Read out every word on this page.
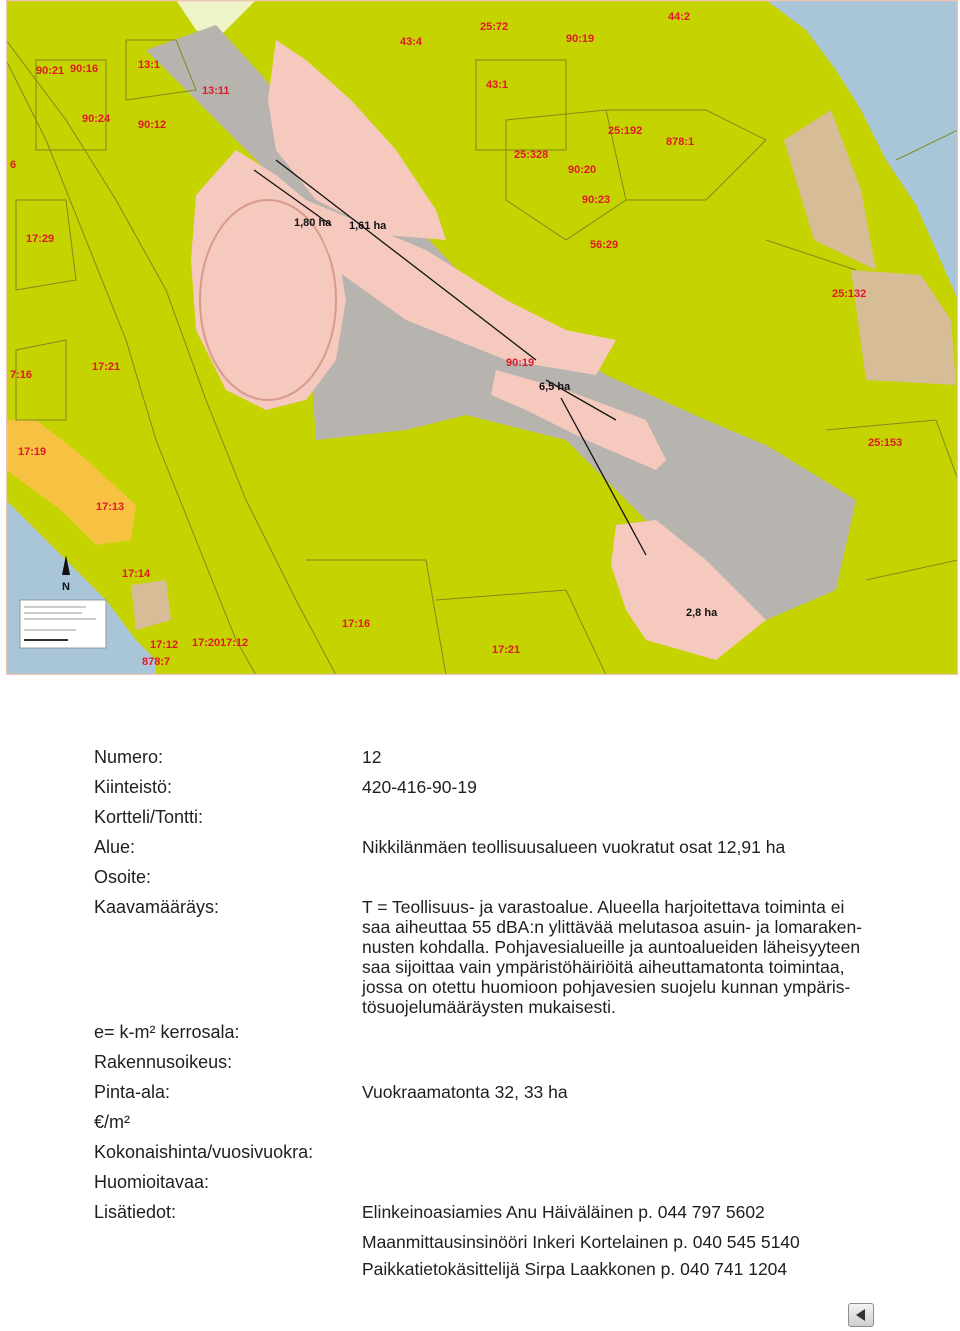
N
44:2
25:72
90:19
43:4
13:1
90:21 90:16
13:11	43:1
90:24	90:12	25:192
878:1
25:328
90:20
6
90:23
17:29	56:29
25:132
7:16
17:21	90:19
25:153
17:19
17:13
17:14
17:16
17:12 17:20 17:12
878:7
17:21
1,80 ha 1,61 ha
6,5 ha
2,8 ha
Numero:	12
Kiinteistö:	420-416-90-19
Kortteli/Tontti:
Alue:	Nikkilänmäen teollisuusalueen vuokratut osat 12,91 ha
Osoite:
Kaavamääräys:	T = Teollisuus- ja varastoalue. Alueella harjoitettava toiminta ei
saa aiheuttaa 55 dBA:n ylittävää melutasoa asuin- ja lomaraken-
nusten kohdalla. Pohjavesialueille ja auntoalueiden läheisyyteen
saa sijoittaa vain ympäristöhäiriöitä aiheuttamatonta toimintaa,
jossa on otettu huomioon pohjavesien suojelu kunnan ympäris-
tösuojelumääräysten mukaisesti.
e= k-m² kerrosala:
Rakennusoikeus:
Pinta-ala:	Vuokraamatonta 32, 33 ha
€/m²
Kokonaishinta/vuosivuokra:
Huomioitavaa:
Lisätiedot:	Elinkeinoasiamies Anu Häiväläinen p. 044 797 5602
Maanmittausinsinööri Inkeri Kortelainen p. 040 545 5140
Paikkatietokäsittelijä Sirpa Laakkonen p. 040 741 1204
